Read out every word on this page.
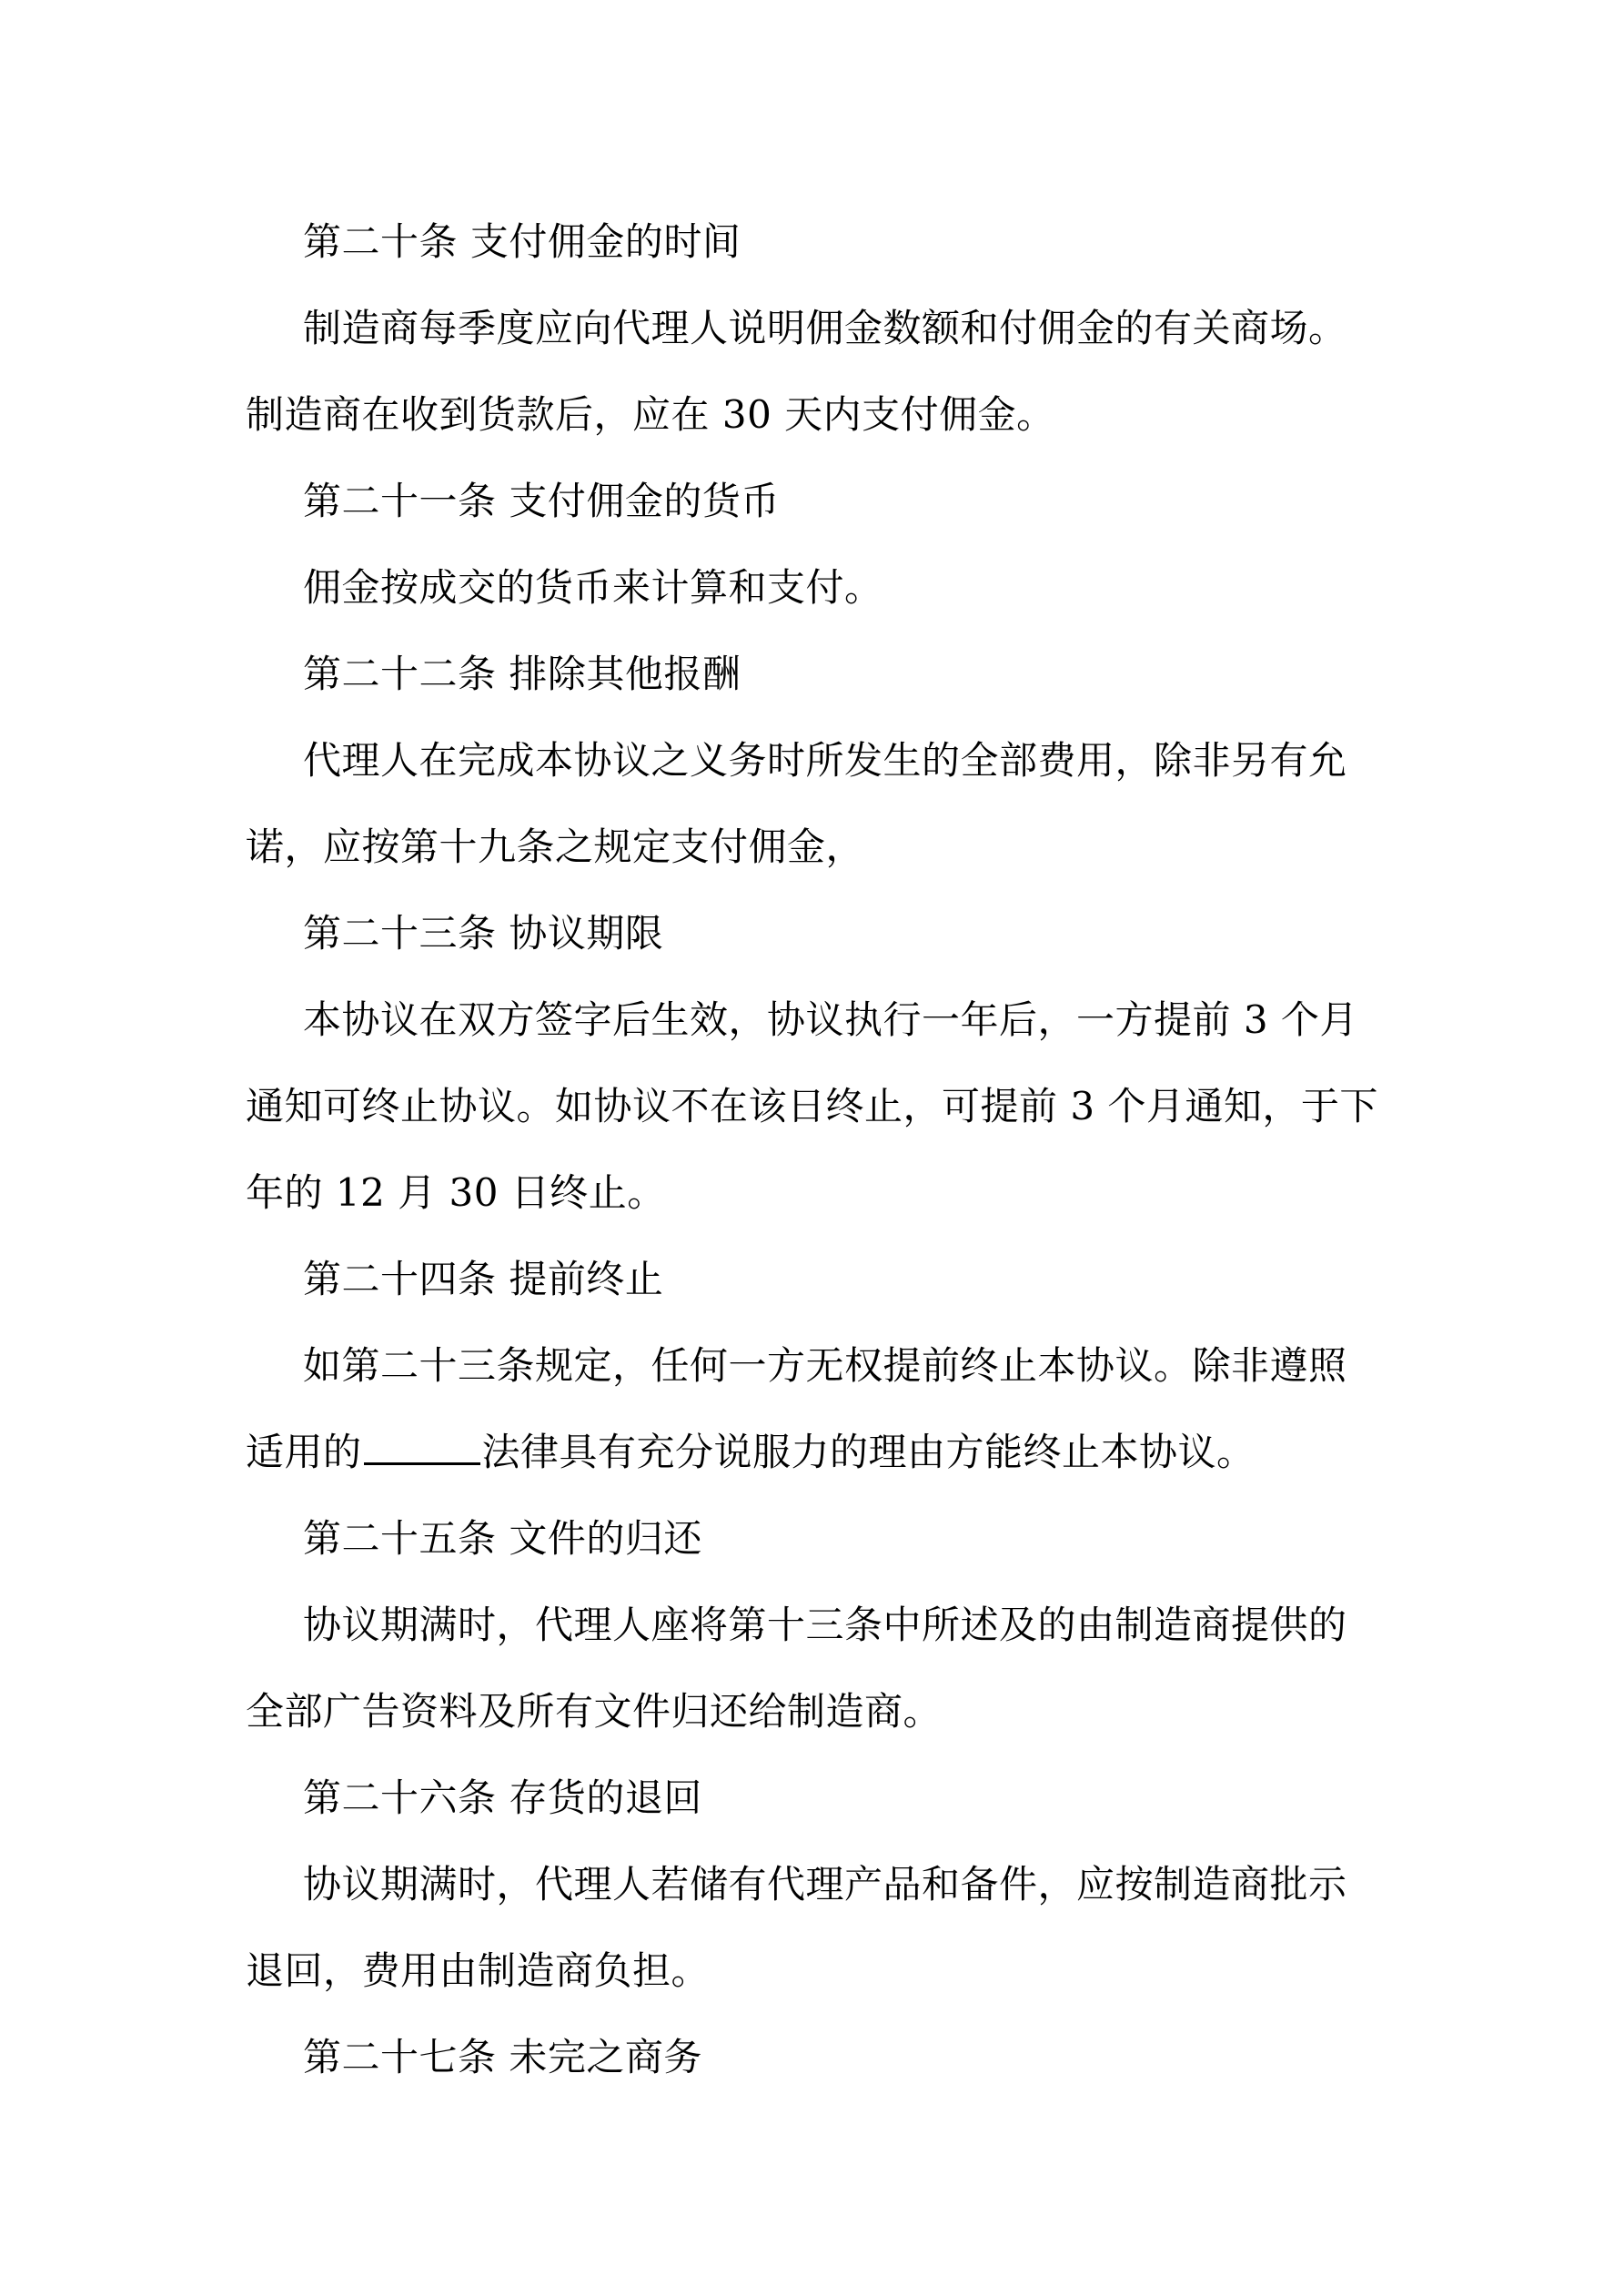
第二十条 支付佣金的时间
制造商每季度应向代理人说明佣金数额和付佣金的有关商场。
制造商在收到货款后，应在 30 天内支付佣金。
第二十一条 支付佣金的货币
佣金按成交的货币来计算和支付。
第二十二条 排除其他报酬
代理人在完成本协议之义务时所发生的全部费用，除非另有允
诺，应按第十九条之规定支付佣金，
第二十三条 协议期限
本协议在双方签字后生效，协议执行一年后，一方提前 3 个月
通知可终止协议。如协议不在该日终止，可提前 3 个月通知，于下
年的 12 月 30 日终止。
第二十四条 提前终止
如第二十三条规定，任何一方无权提前终止本协议。除非遵照
适用的	法律具有充分说服力的理由方能终止本协议。
第二十五条 文件的归还
协议期满时，代理人座将第十三条中所述及的由制造商提供的
全部广告资料及所有文件归还给制造商。
第二十六条 存货的退回
协议期满时，代理人若储有代理产品和备件，应按制造商批示
退回，费用由制造商负担。
第二十七条 未完之商务
